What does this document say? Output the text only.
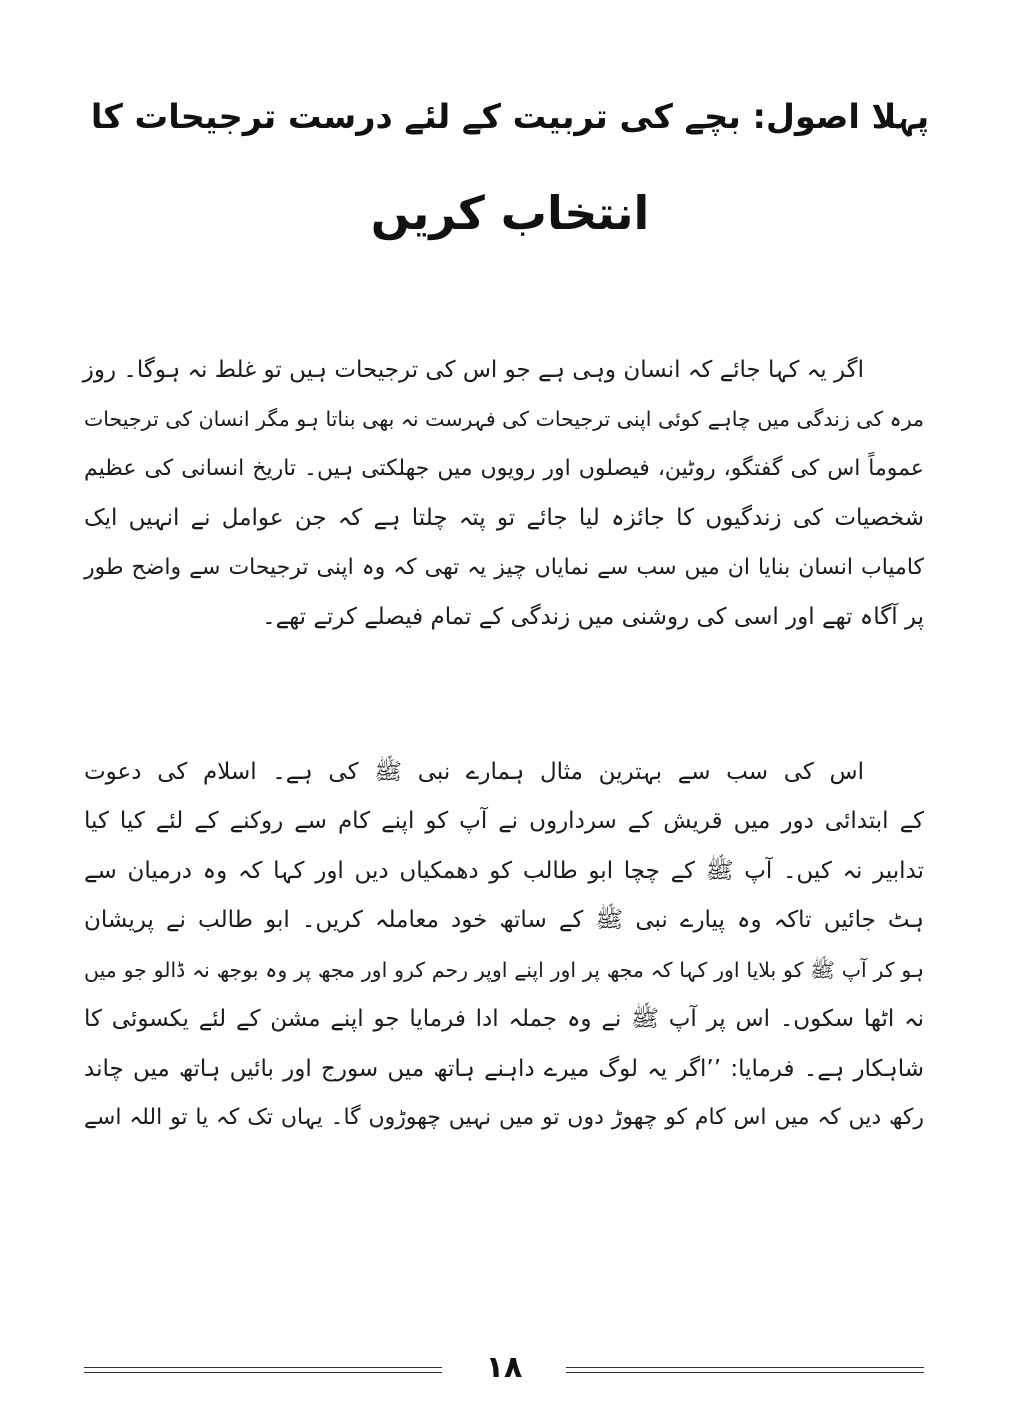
پہلا اصول: بچے کی تربیت کے لئے درست ترجیحات کا
انتخاب کریں
اگر یہ کہا جائے کہ انسان وہی ہے جو اس کی ترجیحات ہیں تو غلط نہ ہوگا۔ روز
مرہ کی زندگی میں چاہے کوئی اپنی ترجیحات کی فہرست نہ بھی بناتا ہو مگر انسان کی ترجیحات
عموماً اس کی گفتگو، روٹین، فیصلوں اور رویوں میں جھلکتی ہیں۔ تاریخ انسانی کی عظیم
شخصیات کی زندگیوں کا جائزہ لیا جائے تو پتہ چلتا ہے کہ جن عوامل نے انہیں ایک
کامیاب انسان بنایا ان میں سب سے نمایاں چیز یہ تھی کہ وہ اپنی ترجیحات سے واضح طور
پر آگاہ تھے اور اسی کی روشنی میں زندگی کے تمام فیصلے کرتے تھے۔
اس کی سب سے بہترین مثال ہمارے نبی ﷺ کی ہے۔ اسلام کی دعوت
کے ابتدائی دور میں قریش کے سرداروں نے آپ کو اپنے کام سے روکنے کے لئے کیا کیا
تدابیر نہ کیں۔ آپ ﷺ کے چچا ابو طالب کو دھمکیاں دیں اور کہا کہ وہ درمیان سے
ہٹ جائیں تاکہ وہ پیارے نبی ﷺ کے ساتھ خود معاملہ کریں۔ ابو طالب نے پریشان
ہو کر آپ ﷺ کو بلایا اور کہا کہ مجھ پر اور اپنے اوپر رحم کرو اور مجھ پر وہ بوجھ نہ ڈالو جو میں
نہ اٹھا سکوں۔ اس پر آپ ﷺ نے وہ جملہ ادا فرمایا جو اپنے مشن کے لئے یکسوئی کا
شاہکار ہے۔ فرمایا: ’’اگر یہ لوگ میرے داہنے ہاتھ میں سورج اور بائیں ہاتھ میں چاند
رکھ دیں کہ میں اس کام کو چھوڑ دوں تو میں نہیں چھوڑوں گا۔ یہاں تک کہ یا تو اللہ اسے
۱۸
